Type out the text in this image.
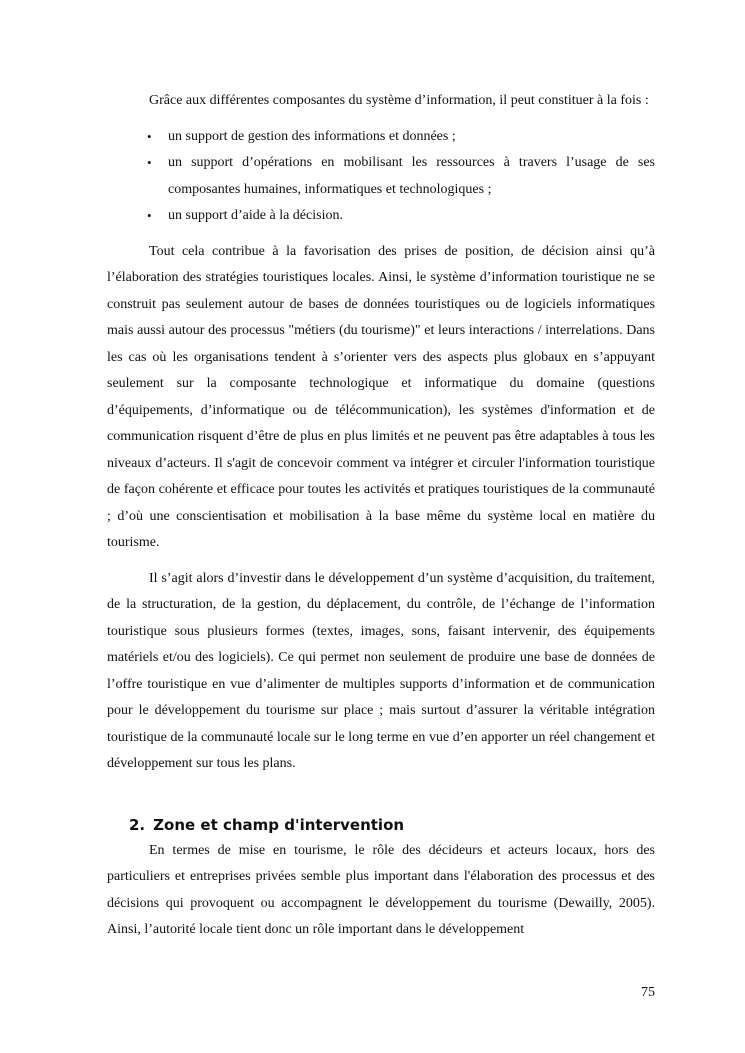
Grâce aux différentes composantes du système d’information, il peut constituer à la fois :

• un support de gestion des informations et données ;
• un support d’opérations en mobilisant les ressources à travers l’usage de ses composantes humaines, informatiques et technologiques ;
• un support d’aide à la décision.

Tout cela contribue à la favorisation des prises de position, de décision ainsi qu’à l’élaboration des stratégies touristiques locales. Ainsi, le système d’information touristique ne se construit pas seulement autour de bases de données touristiques ou de logiciels informatiques mais aussi autour des processus "métiers (du tourisme)" et leurs interactions / interrelations. Dans les cas où les organisations tendent à s’orienter vers des aspects plus globaux en s’appuyant seulement sur la composante technologique et informatique du domaine (questions d’équipements, d’informatique ou de télécommunication), les systèmes d'information et de communication risquent d’être de plus en plus limités et ne peuvent pas être adaptables à tous les niveaux d’acteurs. Il s'agit de concevoir comment va intégrer et circuler l'information touristique de façon cohérente et efficace pour toutes les activités et pratiques touristiques de la communauté ; d’où une conscientisation et mobilisation à la base même du système local en matière du tourisme.

Il s’agit alors d’investir dans le développement d’un système d’acquisition, du traitement, de la structuration, de la gestion, du déplacement, du contrôle, de l’échange de l’information touristique sous plusieurs formes (textes, images, sons, faisant intervenir, des équipements matériels et/ou des logiciels). Ce qui permet non seulement de produire une base de données de l’offre touristique en vue d’alimenter de multiples supports d’information et de communication pour le développement du tourisme sur place ; mais surtout d’assurer la véritable intégration touristique de la communauté locale sur le long terme en vue d’en apporter un réel changement et développement sur tous les plans.

2. Zone et champ d'intervention

En termes de mise en tourisme, le rôle des décideurs et acteurs locaux, hors des particuliers et entreprises privées semble plus important dans l'élaboration des processus et des décisions qui provoquent ou accompagnent le développement du tourisme (Dewailly, 2005). Ainsi, l’autorité locale tient donc un rôle important dans le développement

75
